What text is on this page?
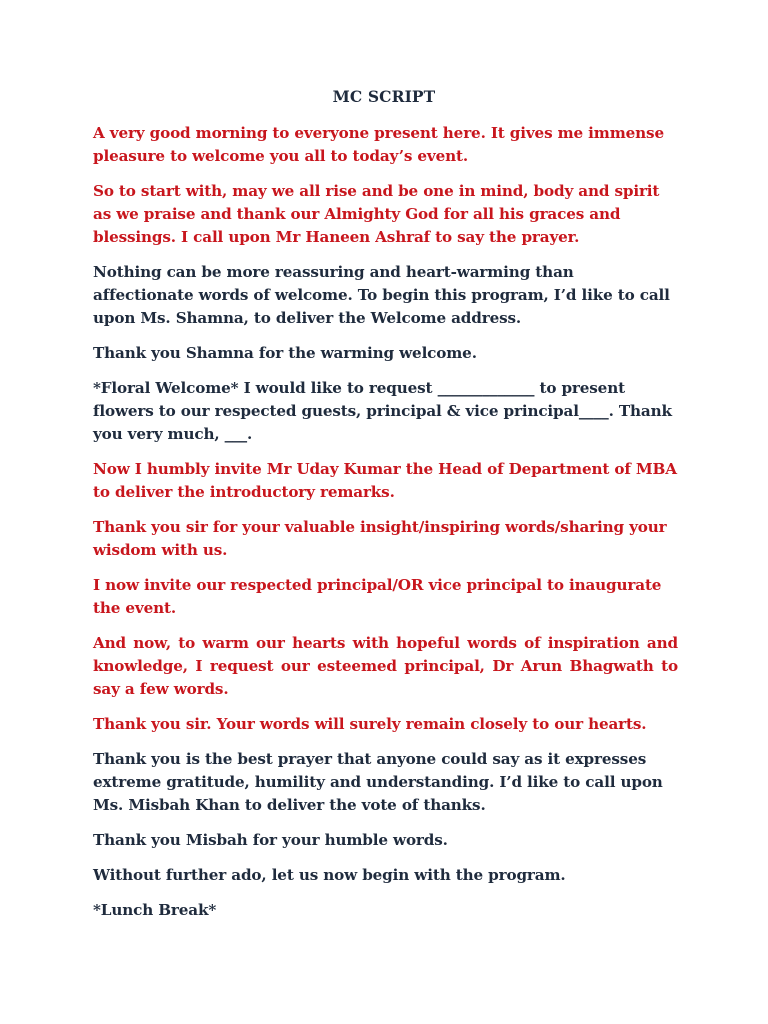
MC SCRIPT

A very good morning to everyone present here. It gives me immense pleasure to welcome you all to today’s event.

So to start with, may we all rise and be one in mind, body and spirit as we praise and thank our Almighty God for all his graces and blessings. I call upon Mr Haneen Ashraf to say the prayer.

Nothing can be more reassuring and heart-warming than affectionate words of welcome. To begin this program, I’d like to call upon Ms. Shamna, to deliver the Welcome address.

Thank you Shamna for the warming welcome.

*Floral Welcome* I would like to request _____________ to present flowers to our respected guests, principal & vice principal____. Thank you very much, ___.

Now I humbly invite Mr Uday Kumar the Head of Department of MBA to deliver the introductory remarks.

Thank you sir for your valuable insight/inspiring words/sharing your wisdom with us.

I now invite our respected principal/OR vice principal to inaugurate the event.

And now, to warm our hearts with hopeful words of inspiration and knowledge, I request our esteemed principal, Dr Arun Bhagwath to say a few words.

Thank you sir. Your words will surely remain closely to our hearts.

Thank you is the best prayer that anyone could say as it expresses extreme gratitude, humility and understanding. I’d like to call upon Ms. Misbah Khan to deliver the vote of thanks.

Thank you Misbah for your humble words.

Without further ado, let us now begin with the program.

*Lunch Break*
